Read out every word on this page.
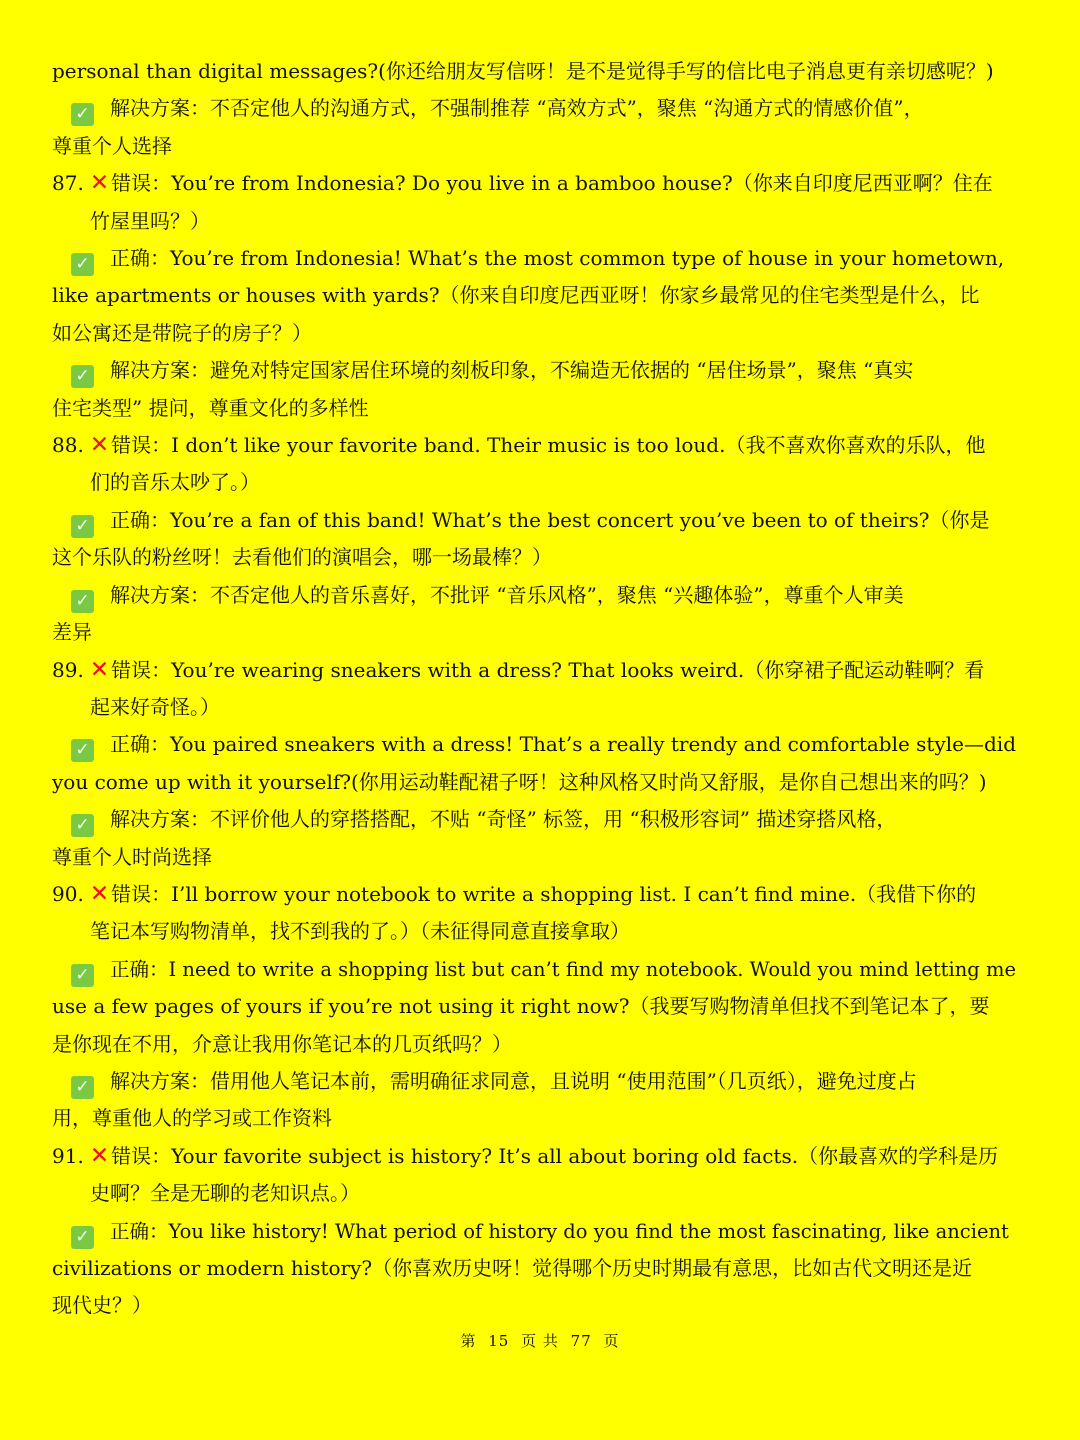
personal than digital messages?(你还给朋友写信呀！是不是觉得手写的信比电子消息更有亲切感呢？)
✓ 解决方案：不否定他人的沟通方式，不强制推荐 “高效方式”，聚焦 “沟通方式的情感价值”，
尊重个人选择
87. ✕ 错误：You’re from Indonesia? Do you live in a bamboo house?（你来自印度尼西亚啊？住在
竹屋里吗？）
✓ 正确：You’re from Indonesia! What’s the most common type of house in your hometown,
like apartments or houses with yards?（你来自印度尼西亚呀！你家乡最常见的住宅类型是什么，比
如公寓还是带院子的房子？）
✓ 解决方案：避免对特定国家居住环境的刻板印象，不编造无依据的 “居住场景”，聚焦 “真实
住宅类型” 提问，尊重文化的多样性
88. ✕ 错误：I don’t like your favorite band. Their music is too loud.（我不喜欢你喜欢的乐队，他
们的音乐太吵了。）
✓ 正确：You’re a fan of this band! What’s the best concert you’ve been to of theirs?（你是
这个乐队的粉丝呀！去看他们的演唱会，哪一场最棒？）
✓ 解决方案：不否定他人的音乐喜好，不批评 “音乐风格”，聚焦 “兴趣体验”，尊重个人审美
差异
89. ✕ 错误：You’re wearing sneakers with a dress? That looks weird.（你穿裙子配运动鞋啊？看
起来好奇怪。）
✓ 正确：You paired sneakers with a dress! That’s a really trendy and comfortable style—did
you come up with it yourself?(你用运动鞋配裙子呀！这种风格又时尚又舒服，是你自己想出来的吗？)
✓ 解决方案：不评价他人的穿搭搭配，不贴 “奇怪” 标签，用 “积极形容词” 描述穿搭风格，
尊重个人时尚选择
90. ✕ 错误：I’ll borrow your notebook to write a shopping list. I can’t find mine.（我借下你的
笔记本写购物清单，找不到我的了。）（未征得同意直接拿取）
✓ 正确：I need to write a shopping list but can’t find my notebook. Would you mind letting me
use a few pages of yours if you’re not using it right now?（我要写购物清单但找不到笔记本了，要
是你现在不用，介意让我用你笔记本的几页纸吗？）
✓ 解决方案：借用他人笔记本前，需明确征求同意，且说明 “使用范围”（几页纸），避免过度占
用，尊重他人的学习或工作资料
91. ✕ 错误：Your favorite subject is history? It’s all about boring old facts.（你最喜欢的学科是历
史啊？全是无聊的老知识点。）
✓ 正确：You like history! What period of history do you find the most fascinating, like ancient
civilizations or modern history?（你喜欢历史呀！觉得哪个历史时期最有意思，比如古代文明还是近
现代史？）
第 15 页 共 77 页
